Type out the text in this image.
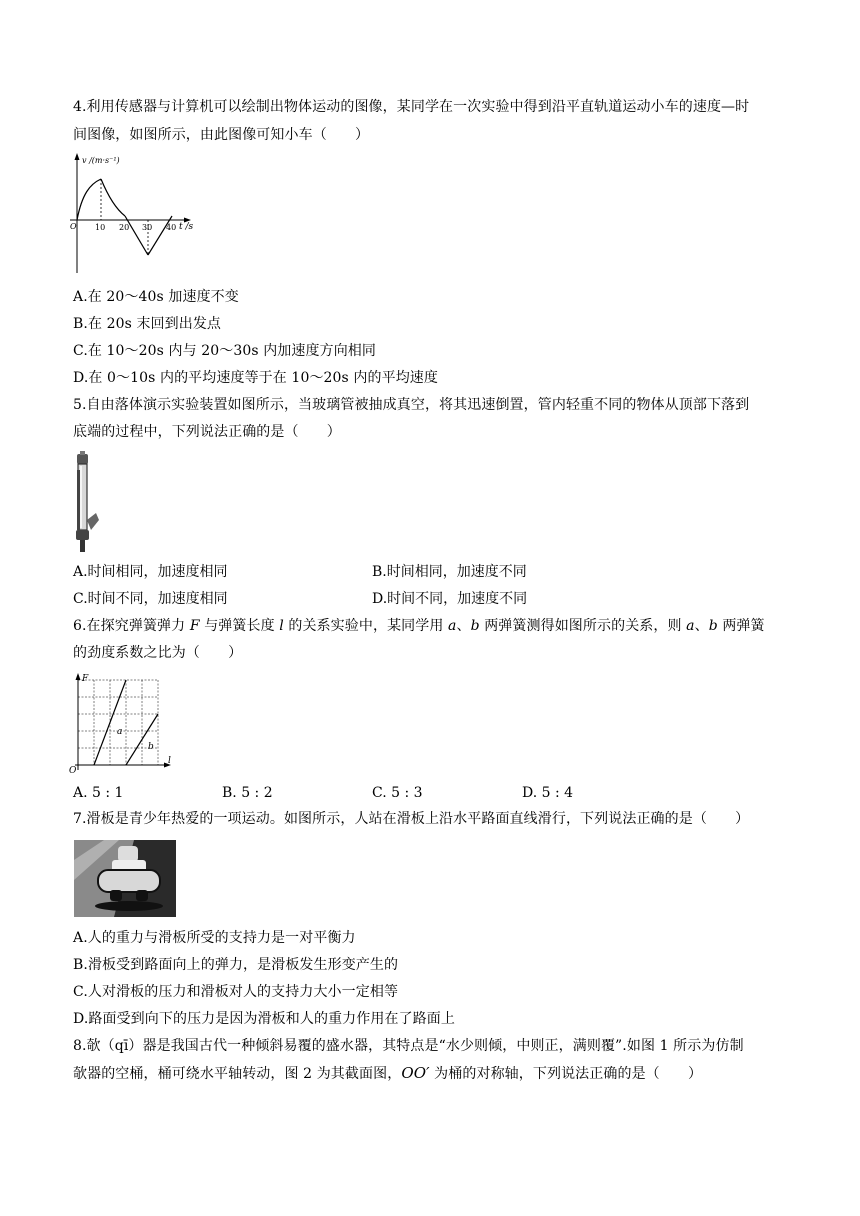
4.利用传感器与计算机可以绘制出物体运动的图像，某同学在一次实验中得到沿平直轨道运动小车的速度—时
间图像，如图所示，由此图像可知小车（　　）
v /(m·s⁻¹)
t /s
O 10 20 30 40
A.在 20～40s 加速度不变
B.在 20s 末回到出发点
C.在 10～20s 内与 20～30s 内加速度方向相同
D.在 0～10s 内的平均速度等于在 10～20s 内的平均速度
5.自由落体演示实验装置如图所示，当玻璃管被抽成真空，将其迅速倒置，管内轻重不同的物体从顶部下落到
底端的过程中，下列说法正确的是（　　）
A.时间相同，加速度相同	B.时间相同，加速度不同
C.时间不同，加速度相同	D.时间不同，加速度不同
6.在探究弹簧弹力 F 与弹簧长度 l 的关系实验中，某同学用 a、b 两弹簧测得如图所示的关系，则 a、b 两弹簧
的劲度系数之比为（　　）
F
l
O
a
b
A. 5 : 1	B. 5 : 2	C. 5 : 3	D. 5 : 4
7.滑板是青少年热爱的一项运动。如图所示，人站在滑板上沿水平路面直线滑行，下列说法正确的是（　　）
A.人的重力与滑板所受的支持力是一对平衡力
B.滑板受到路面向上的弹力，是滑板发生形变产生的
C.人对滑板的压力和滑板对人的支持力大小一定相等
D.路面受到向下的压力是因为滑板和人的重力作用在了路面上
8.欹（qī）器是我国古代一种倾斜易覆的盛水器，其特点是“水少则倾，中则正，满则覆”.如图 1 所示为仿制
欹器的空桶，桶可绕水平轴转动，图 2 为其截面图，OO′ 为桶的对称轴，下列说法正确的是（　　）
